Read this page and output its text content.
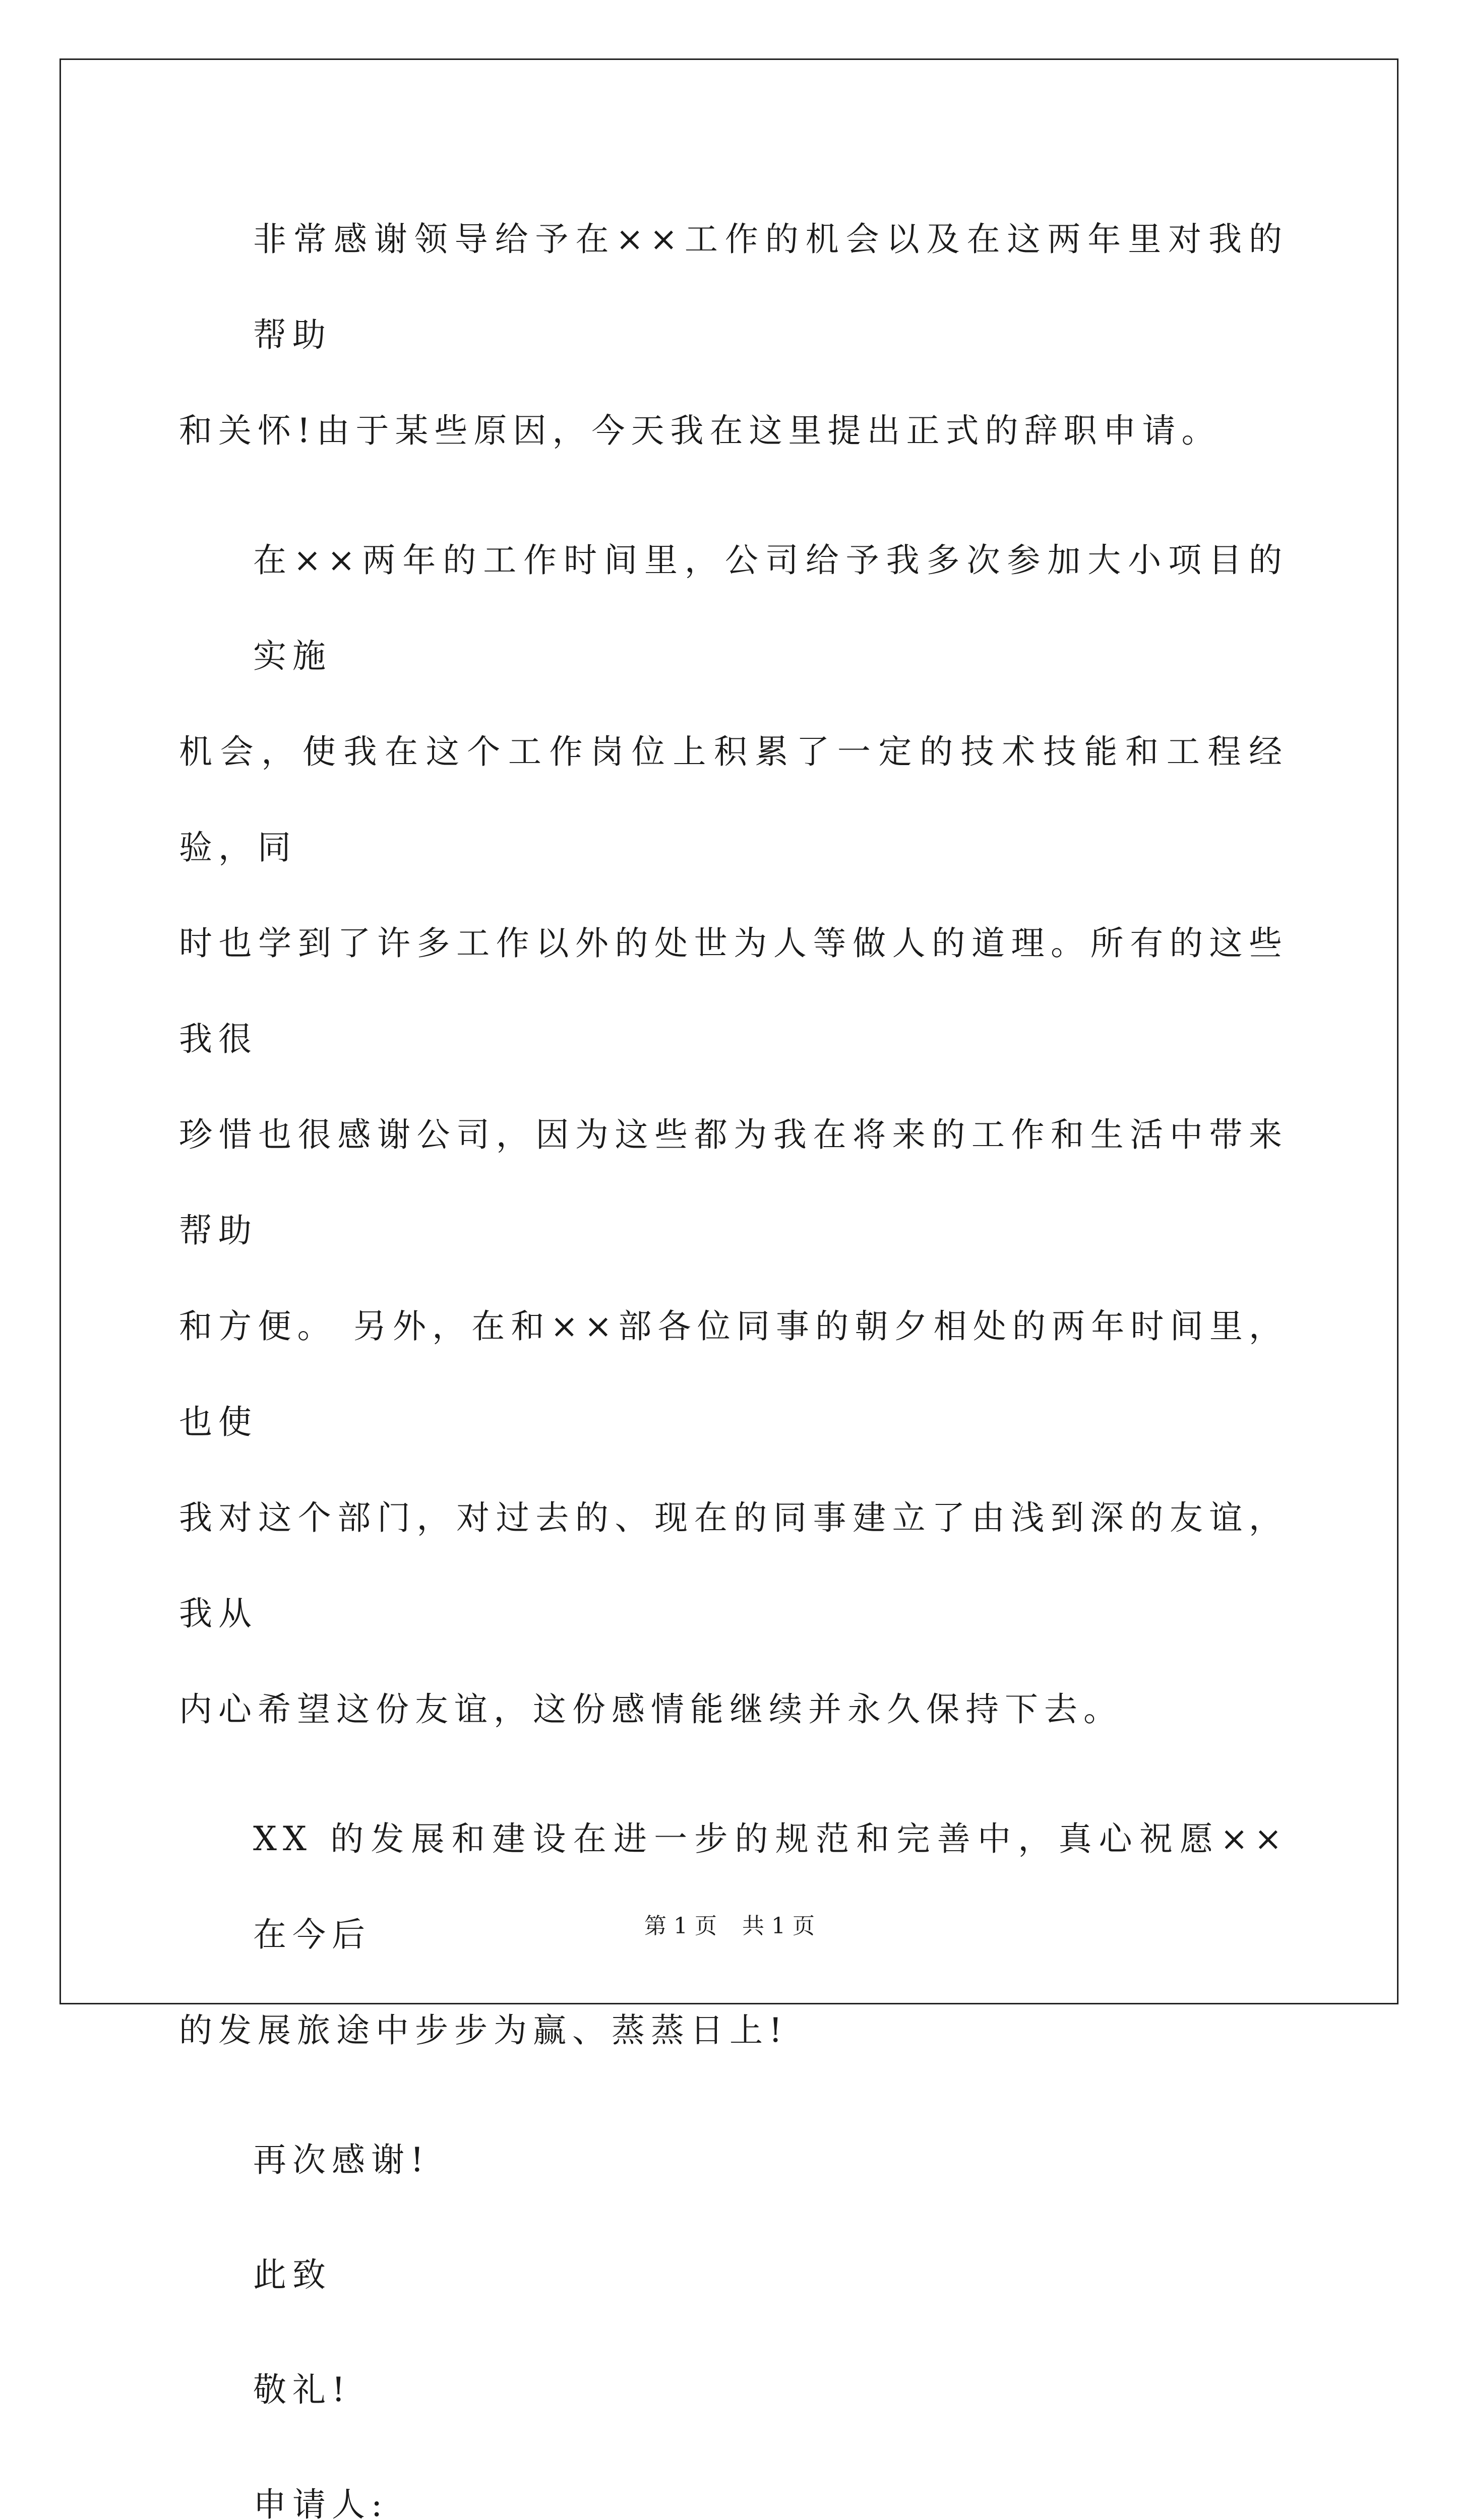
非常感谢领导给予在××工作的机会以及在这两年里对我的帮助
和关怀!由于某些原因，今天我在这里提出正式的辞职申请。

在××两年的工作时间里，公司给予我多次参加大小项目的实施
机会，使我在这个工作岗位上积累了一定的技术技能和工程经验，同
时也学到了许多工作以外的处世为人等做人的道理。所有的这些我很
珍惜也很感谢公司，因为这些都为我在将来的工作和生活中带来帮助
和方便。 另外，在和××部各位同事的朝夕相处的两年时间里，也使
我对这个部门，对过去的、现在的同事建立了由浅到深的友谊，我从
内心希望这份友谊，这份感情能继续并永久保持下去。

XX 的发展和建设在进一步的规范和完善中，真心祝愿××在今后
的发展旅途中步步为赢、蒸蒸日上!

再次感谢!

此致

敬礼!

申请人:

第 1 页 共 1 页
